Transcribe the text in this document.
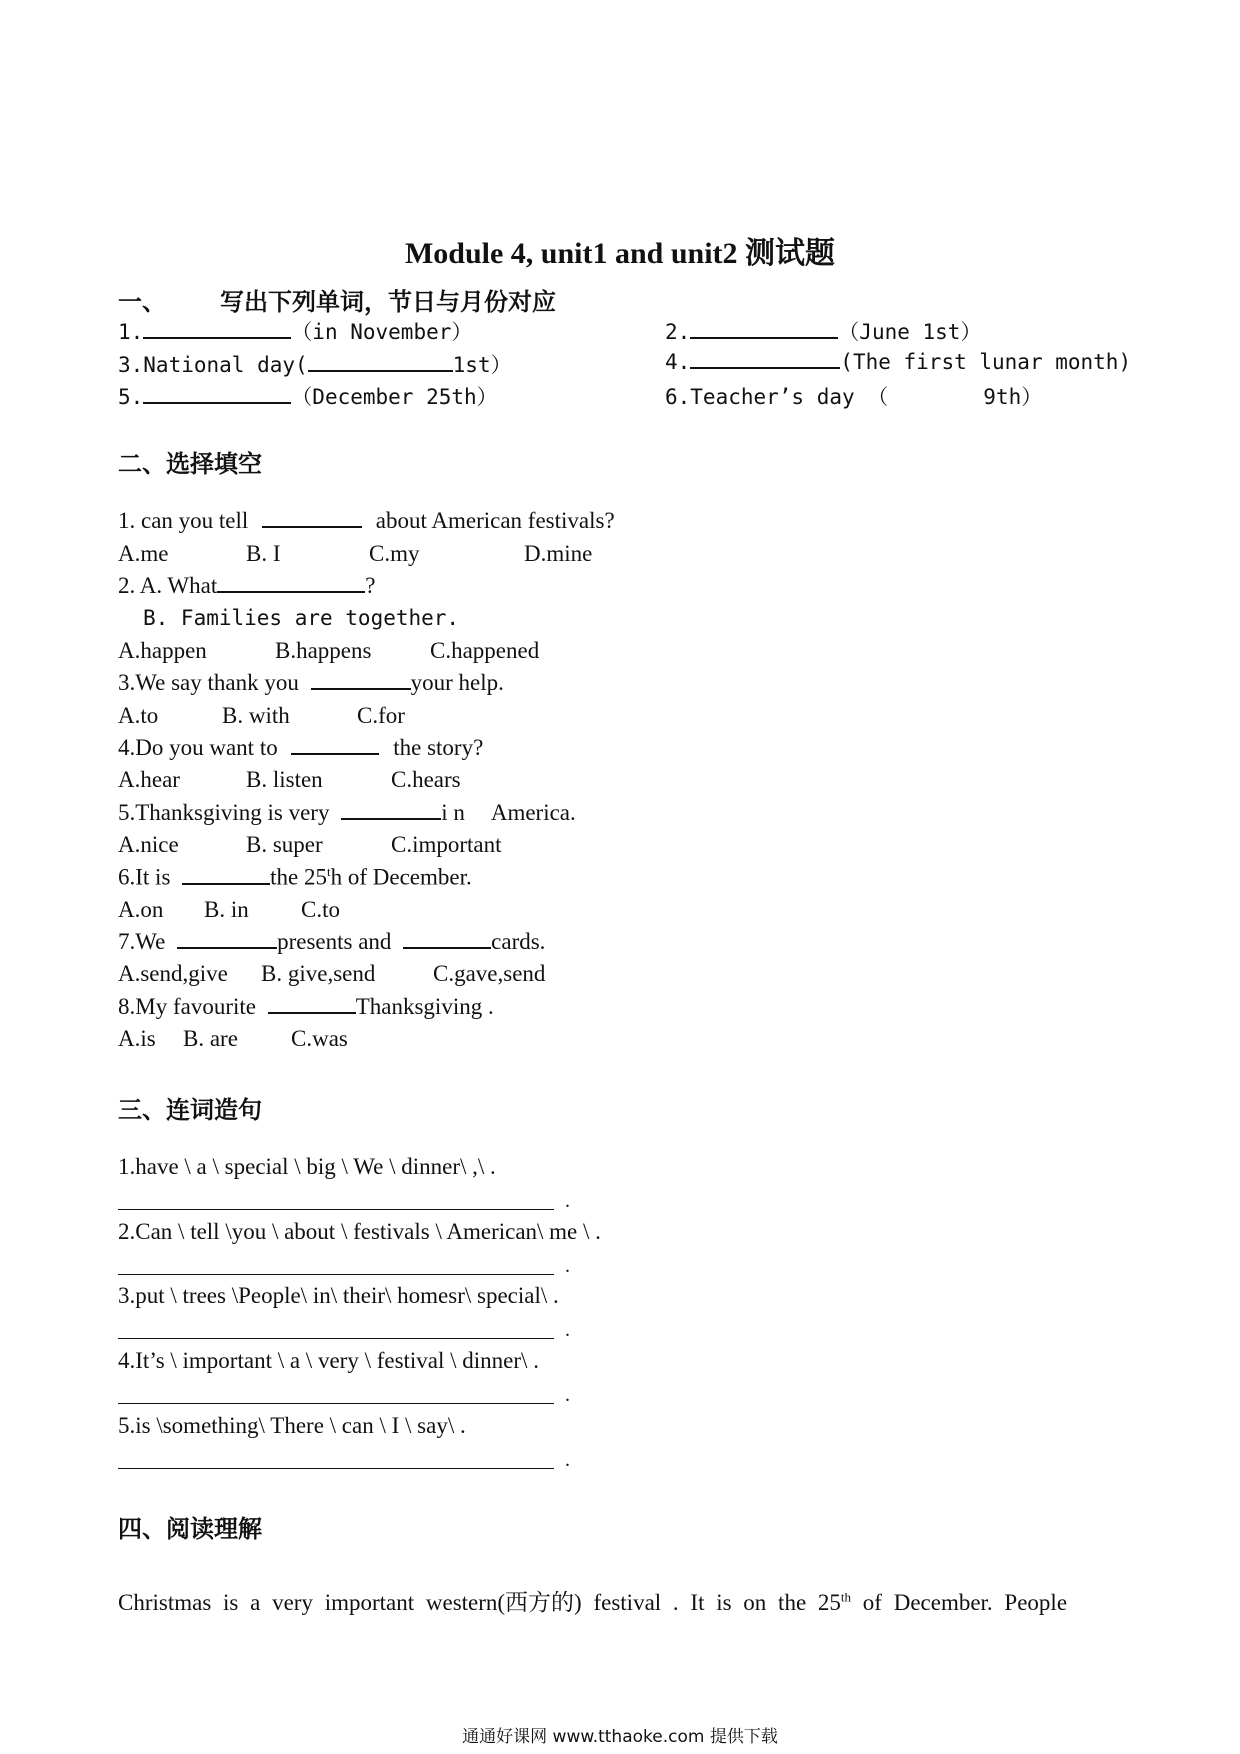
Module 4, unit1 and unit2 测试题
一、 写出下列单词，节日与月份对应
1.	（in November）	2.	（June 1st）
3.National day(	1st）	4.	(The first lunar month)
5.	（December 25th）	6.Teacher’s day （	9th）
二、选择填空
1. can you tell	about American festivals?
A.me	B. I	C.my	D.mine
2. A. What	?
B. Families are together.
A.happen	B.happens	C.happened
3.We say thank you	your help.
A.to	B. with	C.for
4.Do you want to	the story?
A.hear	B. listen	C.hears
5.Thanksgiving is very	i n America.
A.nice	B. super	C.important
6.It is	the 25$^t$h of December.
A.on B. in C.to
7.We	presents and	cards.
A.send,give B. give,send	C.gave,send
8.My favourite	Thanksgiving .
A.is B. are C.was
三、连词造句
1.have \ a \ special \ big \ We \ dinner\ ,\ .
.
2.Can \ tell \you \ about \ festivals \ American\ me \ .
.
3.put \ trees \People\ in\ their\ homesr\ special\ .
.
4.It’s \ important \ a \ very \ festival \ dinner\ .
.
5.is \something\ There \ can \ I \ say\ .
.
四、阅读理解
Christmas is a very important western(西方的) festival . It is on the 25th of December. People
通通好课网 www.tthaoke.com 提供下载
